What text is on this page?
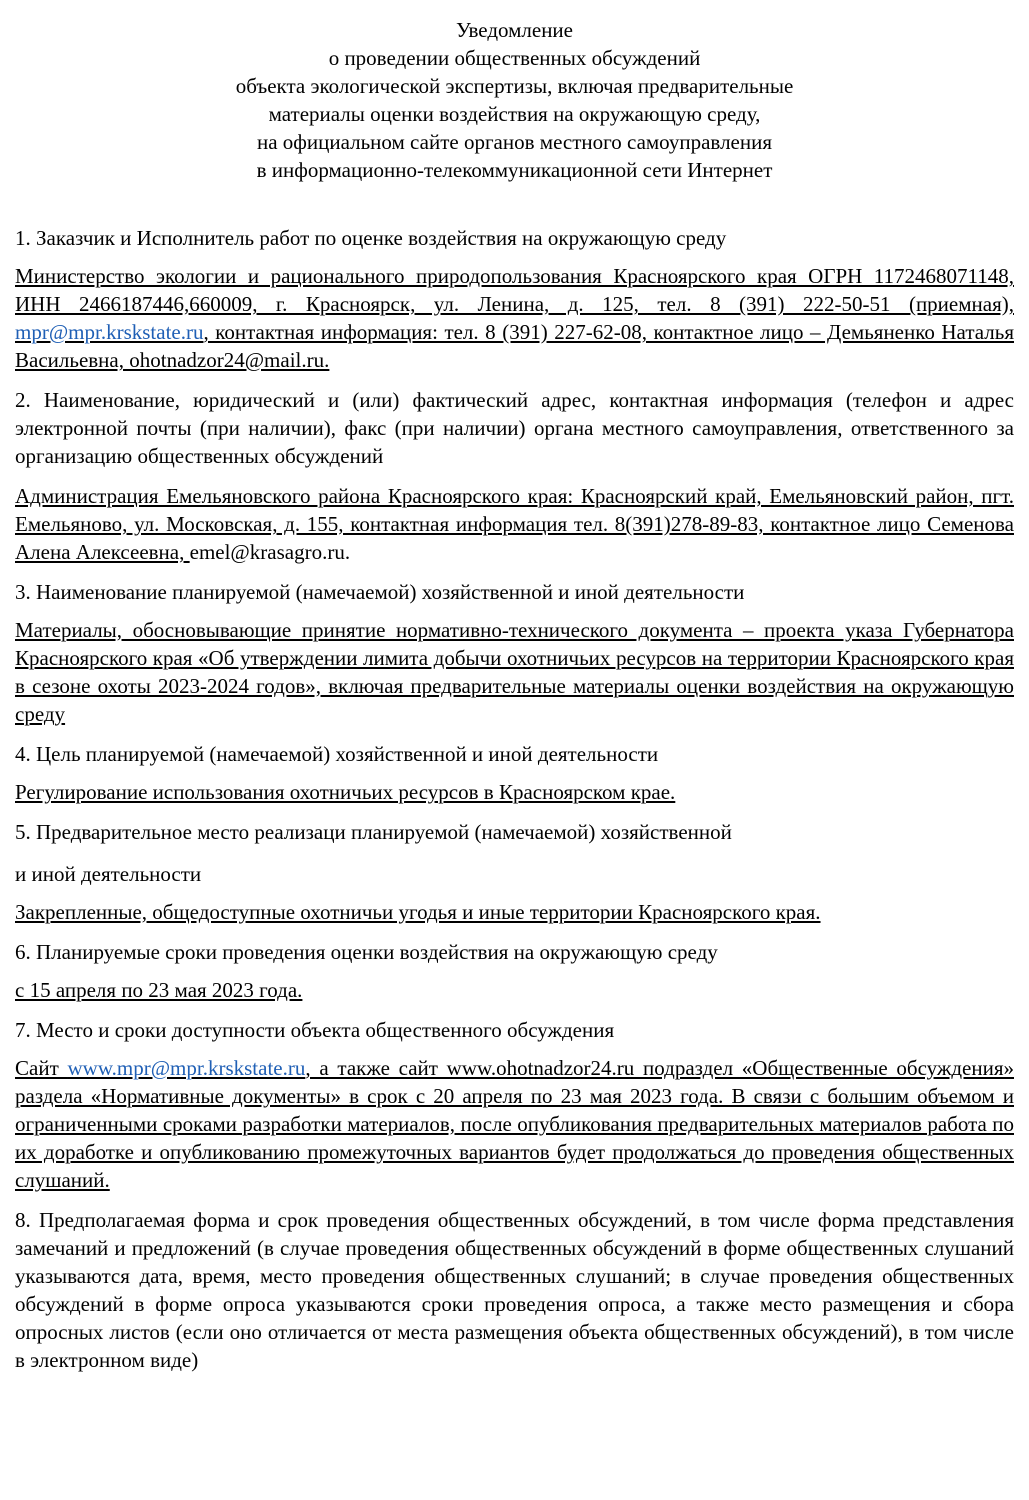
Уведомление
о проведении общественных обсуждений
объекта экологической экспертизы, включая предварительные
материалы оценки воздействия на окружающую среду,
на официальном сайте органов местного самоуправления
в информационно-телекоммуникационной сети Интернет

1. Заказчик и Исполнитель работ по оценке воздействия на окружающую среду

Министерство экологии и рационального природопользования Красноярского края ОГРН 1172468071148, ИНН 2466187446,660009, г. Красноярск, ул. Ленина, д. 125, тел. 8 (391) 222-50-51 (приемная), mpr@mpr.krskstate.ru, контактная информация: тел. 8 (391) 227-62-08, контактное лицо – Демьяненко Наталья Васильевна, ohotnadzor24@mail.ru.

2. Наименование, юридический и (или) фактический адрес, контактная информация (телефон и адрес электронной почты (при наличии), факс (при наличии) органа местного самоуправления, ответственного за организацию общественных обсуждений

Администрация Емельяновского района Красноярского края: Красноярский край, Емельяновский район, пгт. Емельяново, ул. Московская, д. 155, контактная информация тел. 8(391)278-89-83, контактное лицо Семенова Алена Алексеевна, emel@krasagro.ru.

3. Наименование планируемой (намечаемой) хозяйственной и иной деятельности

Материалы, обосновывающие принятие нормативно-технического документа – проекта указа Губернатора Красноярского края «Об утверждении лимита добычи охотничьих ресурсов на территории Красноярского края в сезоне охоты 2023-2024 годов», включая предварительные материалы оценки воздействия на окружающую среду

4. Цель планируемой (намечаемой) хозяйственной и иной деятельности

Регулирование использования охотничьих ресурсов в Красноярском крае.

5. Предварительное место реализаци планируемой (намечаемой) хозяйственной

и иной деятельности

Закрепленные, общедоступные охотничьи угодья и иные территории Красноярского края.

6. Планируемые сроки проведения оценки воздействия на окружающую среду

с 15 апреля по 23 мая 2023 года.

7. Место и сроки доступности объекта общественного обсуждения

Сайт www.mpr@mpr.krskstate.ru, а также сайт www.ohotnadzor24.ru подраздел «Общественные обсуждения» раздела «Нормативные документы» в срок с 20 апреля по 23 мая 2023 года. В связи с большим объемом и ограниченными сроками разработки материалов, после опубликования предварительных материалов работа по их доработке и опубликованию промежуточных вариантов будет продолжаться до проведения общественных слушаний.

8. Предполагаемая форма и срок проведения общественных обсуждений, в том числе форма представления замечаний и предложений (в случае проведения общественных обсуждений в форме общественных слушаний указываются дата, время, место проведения общественных слушаний; в случае проведения общественных обсуждений в форме опроса указываются сроки проведения опроса, а также место размещения и сбора опросных листов (если оно отличается от места размещения объекта общественных обсуждений), в том числе в электронном виде)
